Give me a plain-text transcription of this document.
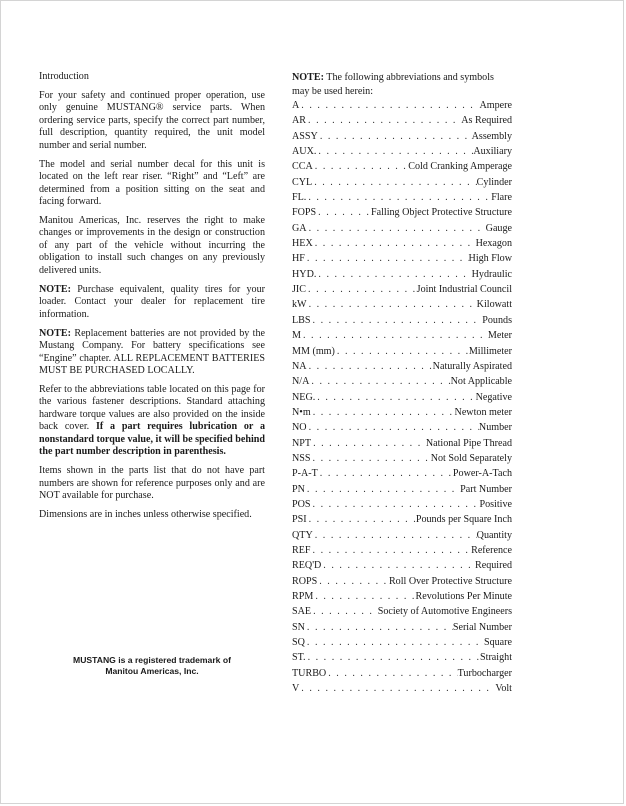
Introduction

For your safety and continued proper operation, use only genuine MUSTANG® service parts. When ordering service parts, specify the correct part number, full description, quantity required, the unit model number and serial number.

The model and serial number decal for this unit is located on the left rear riser. “Right” and “Left” are determined from a position sitting on the seat and facing forward.

Manitou Americas, Inc. reserves the right to make changes or improvements in the design or construction of any part of the vehicle without incurring the obligation to install such changes on any previously delivered units.

NOTE: Purchase equivalent, quality tires for your loader. Contact your dealer for replacement tire information.

NOTE: Replacement batteries are not provided by the Mustang Company. For battery specifications see “Engine” chapter. ALL REPLACEMENT BATTERIES MUST BE PURCHASED LOCALLY.

Refer to the abbreviations table located on this page for the various fastener descriptions. Standard attaching hardware torque values are also provided on the inside back cover. If a part requires lubrication or a nonstandard torque value, it will be specified behind the part number description in parenthesis.

Items shown in the parts list that do not have part numbers are shown for reference purposes only and are NOT available for purchase.

Dimensions are in inches unless otherwise specified.

MUSTANG is a registered trademark of
Manitou Americas, Inc.
NOTE: The following abbreviations and symbols may be used herein:
A . . .	Ampere
AR . . .	As Required
ASSY . . .	Assembly
AUX. . . .	Auxiliary
CCA . . .	Cold Cranking Amperage
CYL . . .	Cylinder
FL. . . .	Flare
FOPS . . .	Falling Object Protective Structure
GA . . .	Gauge
HEX . . .	Hexagon
HF . . .	High Flow
HYD. . . .	Hydraulic
JIC . . .	Joint Industrial Council
kW . . .	Kilowatt
LBS . . .	Pounds
M . . .	Meter
MM (mm) . . .	Millimeter
NA . . .	Naturally Aspirated
N/A . . .	Not Applicable
NEG. . . .	Negative
N•m . . .	Newton meter
NO . . .	Number
NPT . . .	National Pipe Thread
NSS . . .	Not Sold Separately
P-A-T . . .	Power-A-Tach
PN . . .	Part Number
POS . . .	Positive
PSI . . .	Pounds per Square Inch
QTY . . .	Quantity
REF . . .	Reference
REQ'D . . .	Required
ROPS . . .	Roll Over Protective Structure
RPM . . .	Revolutions Per Minute
SAE . . .	Society of Automotive Engineers
SN . . .	Serial Number
SQ . . .	Square
ST. . . .	Straight
TURBO . . .	Turbocharger
V . . .	Volt
